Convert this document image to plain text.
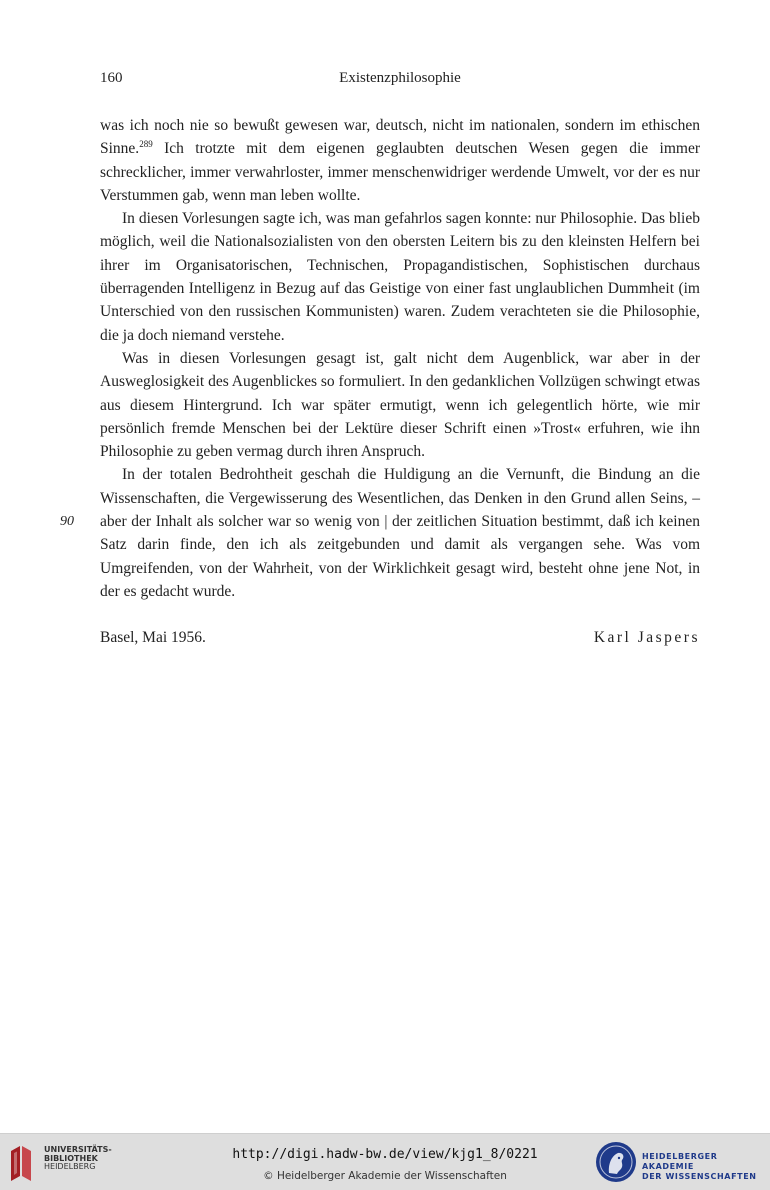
160	Existenzphilosophie

was ich noch nie so bewußt gewesen war, deutsch, nicht im nationalen, sondern im ethischen Sinne.$^{289}$ Ich trotzte mit dem eigenen geglaubten deutschen Wesen gegen die immer schrecklicher, immer verwahrloster, immer menschenwidriger werdende Umwelt, vor der es nur Verstummen gab, wenn man leben wollte.

In diesen Vorlesungen sagte ich, was man gefahrlos sagen konnte: nur Philosophie. Das blieb möglich, weil die Nationalsozialisten von den obersten Leitern bis zu den kleinsten Helfern bei ihrer im Organisatorischen, Technischen, Propagandistischen, Sophistischen durchaus überragenden Intelligenz in Bezug auf das Geistige von einer fast unglaublichen Dummheit (im Unterschied von den russischen Kommunisten) waren. Zudem verachteten sie die Philosophie, die ja doch niemand verstehe.

Was in diesen Vorlesungen gesagt ist, galt nicht dem Augenblick, war aber in der Ausweglosigkeit des Augenblickes so formuliert. In den gedanklichen Vollzügen schwingt etwas aus diesem Hintergrund. Ich war später ermutigt, wenn ich gelegentlich hörte, wie mir persönlich fremde Menschen bei der Lektüre dieser Schrift einen »Trost« erfuhren, wie ihn Philosophie zu geben vermag durch ihren Anspruch.

In der totalen Bedrohtheit geschah die Huldigung an die Vernunft, die Bindung an die Wissenschaften, die Vergewisserung des Wesentlichen, das Denken in den Grund allen Seins, – aber der Inhalt als solcher war so wenig von | der zeitlichen Situation bestimmt, daß ich keinen Satz darin finde, den ich als zeitgebunden und damit als vergangen sehe. Was vom Umgreifenden, von der Wahrheit, von der Wirklichkeit gesagt wird, besteht ohne jene Not, in der es gedacht wurde.

90
Basel, Mai 1956.	Karl Jaspers
UNIVERSITÄTS-
BIBLIOTHEK
HEIDELBERG
http://digi.hadw-bw.de/view/kjg1_8/0221
© Heidelberger Akademie der Wissenschaften
HEIDELBERGER AKADEMIE
DER WISSENSCHAFTEN
